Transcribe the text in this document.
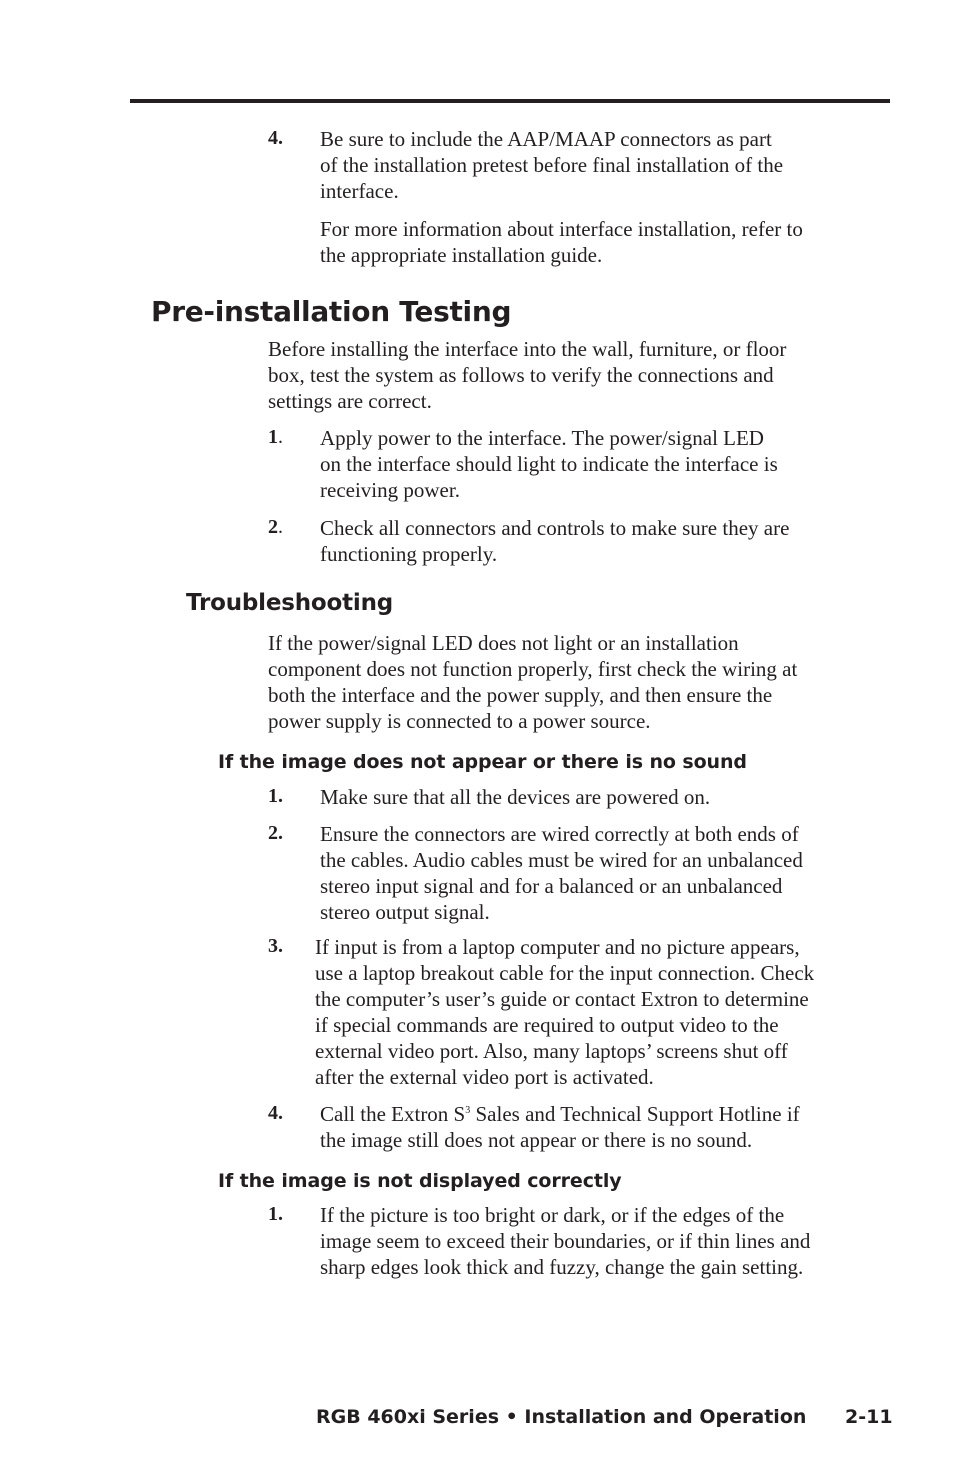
4. Be sure to include the AAP/MAAP connectors as part
of the installation pretest before final installation of the
interface.
For more information about interface installation, refer to
the appropriate installation guide.
Pre-installation Testing
Before installing the interface into the wall, furniture, or floor
box, test the system as follows to verify the connections and
settings are correct.
1. Apply power to the interface. The power/signal LED
on the interface should light to indicate the interface is
receiving power.
2. Check all connectors and controls to make sure they are
functioning properly.
Troubleshooting
If the power/signal LED does not light or an installation
component does not function properly, first check the wiring at
both the interface and the power supply, and then ensure the
power supply is connected to a power source.
If the image does not appear or there is no sound
1. Make sure that all the devices are powered on.
2. Ensure the connectors are wired correctly at both ends of
the cables. Audio cables must be wired for an unbalanced
stereo input signal and for a balanced or an unbalanced
stereo output signal.
3. If input is from a laptop computer and no picture appears,
use a laptop breakout cable for the input connection. Check
the computer’s user’s guide or contact Extron to determine
if special commands are required to output video to the
external video port. Also, many laptops’ screens shut off
after the external video port is activated.
4. Call the Extron $S^3$ Sales and Technical Support Hotline if
the image still does not appear or there is no sound.
If the image is not displayed correctly
1. If the picture is too bright or dark, or if the edges of the
image seem to exceed their boundaries, or if thin lines and
sharp edges look thick and fuzzy, change the gain setting.
RGB 460xi Series • Installation and Operation 2-11
